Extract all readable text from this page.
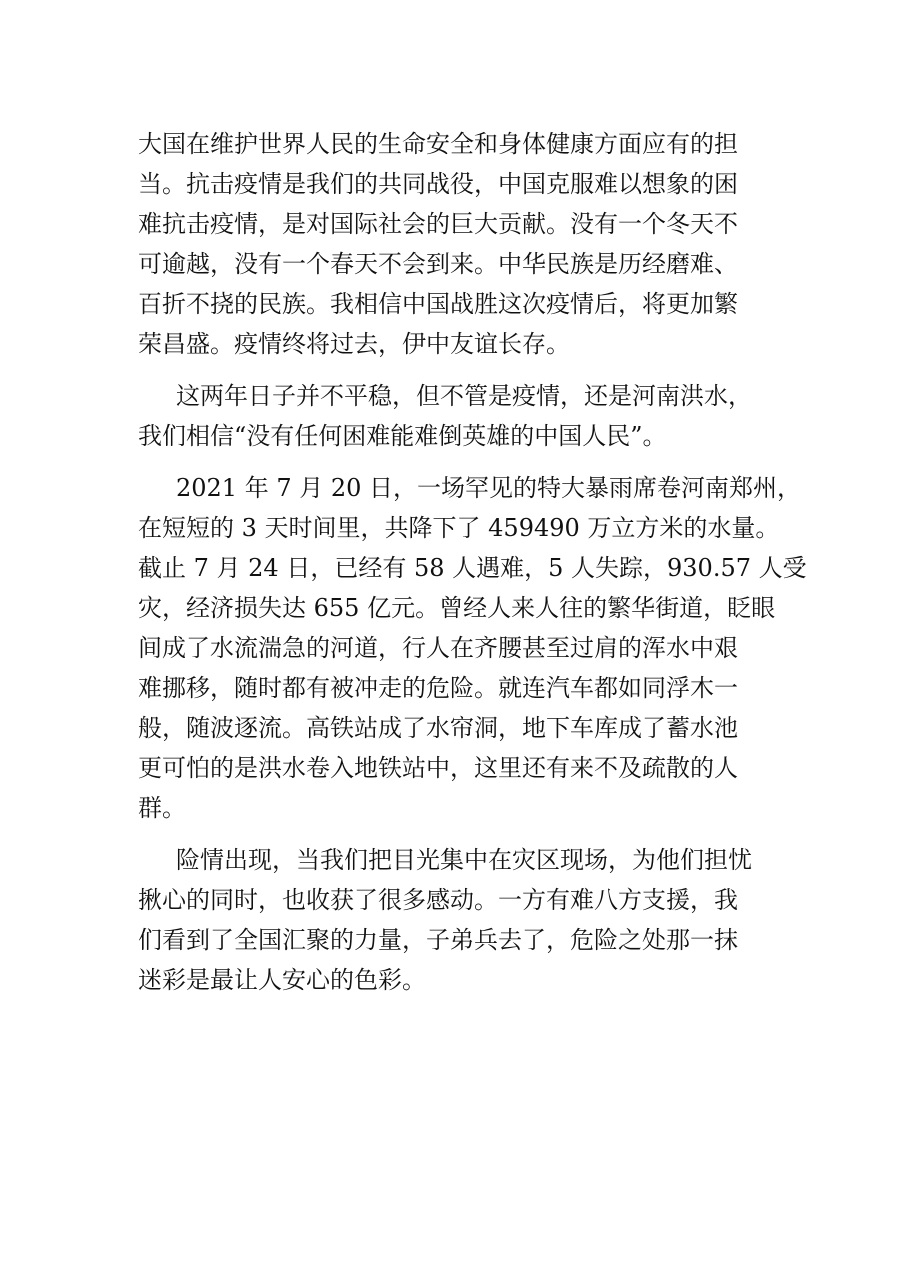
大国在维护世界人民的生命安全和身体健康方面应有的担
当。抗击疫情是我们的共同战役，中国克服难以想象的困
难抗击疫情，是对国际社会的巨大贡献。没有一个冬天不
可逾越，没有一个春天不会到来。中华民族是历经磨难、
百折不挠的民族。我相信中国战胜这次疫情后，将更加繁
荣昌盛。疫情终将过去，伊中友谊长存。
这两年日子并不平稳，但不管是疫情，还是河南洪水，
我们相信“没有任何困难能难倒英雄的中国人民”。
2021 年 7 月 20 日，一场罕见的特大暴雨席卷河南郑州，
在短短的 3 天时间里，共降下了 459490 万立方米的水量。
截止 7 月 24 日，已经有 58 人遇难，5 人失踪，930.57 人受
灾，经济损失达 655 亿元。曾经人来人往的繁华街道，眨眼
间成了水流湍急的河道，行人在齐腰甚至过肩的浑水中艰
难挪移，随时都有被冲走的危险。就连汽车都如同浮木一
般，随波逐流。高铁站成了水帘洞，地下车库成了蓄水池
更可怕的是洪水卷入地铁站中，这里还有来不及疏散的人
群。
险情出现，当我们把目光集中在灾区现场，为他们担忧
揪心的同时，也收获了很多感动。一方有难八方支援，我
们看到了全国汇聚的力量，子弟兵去了，危险之处那一抹
迷彩是最让人安心的色彩。
